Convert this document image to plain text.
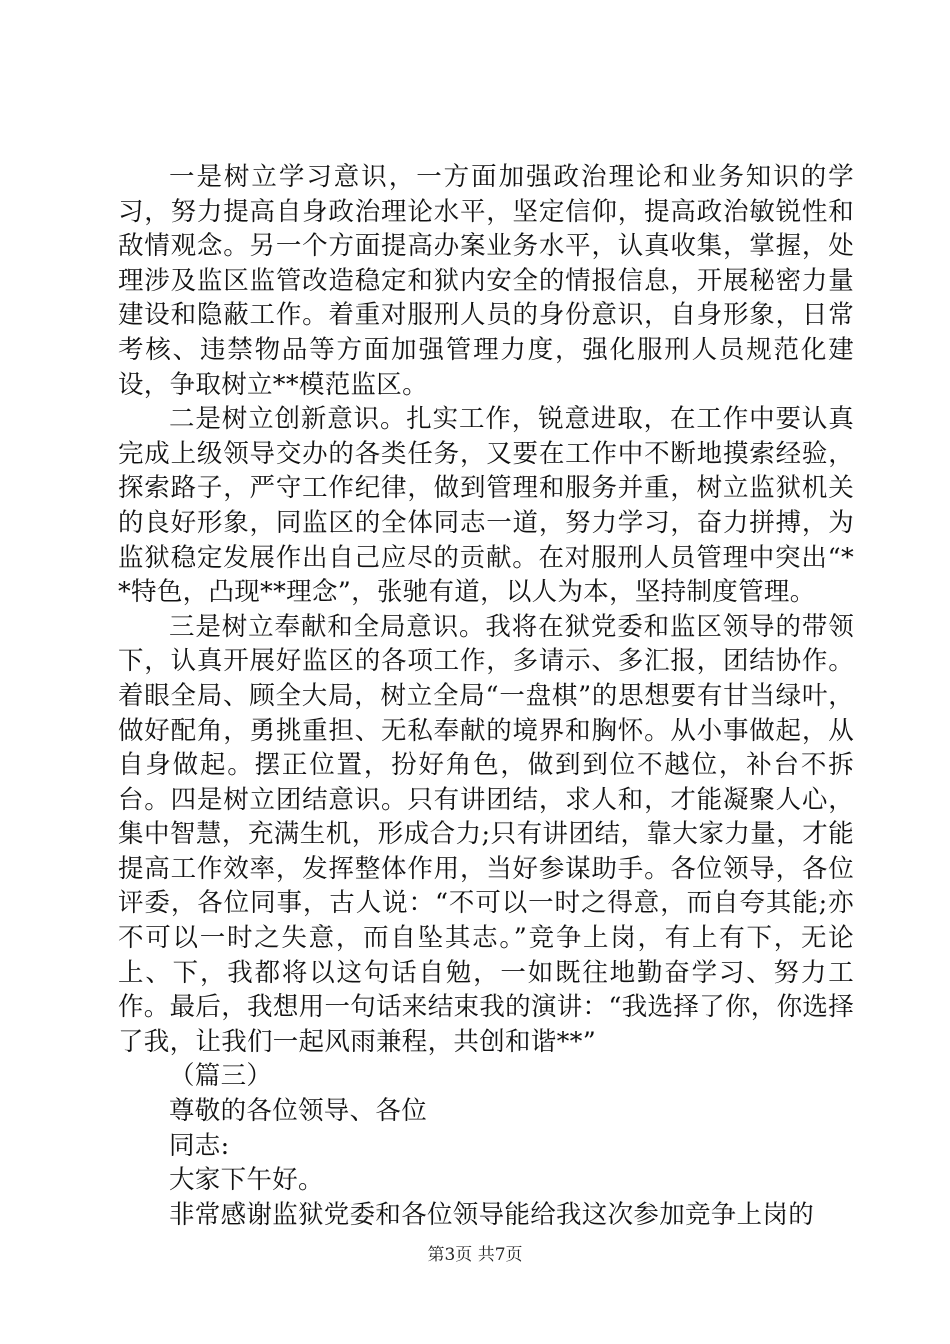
一是树立学习意识，一方面加强政治理论和业务知识的学习，努力提高自身政治理论水平，坚定信仰，提高政治敏锐性和敌情观念。另一个方面提高办案业务水平，认真收集，掌握，处理涉及监区监管改造稳定和狱内安全的情报信息，开展秘密力量建设和隐蔽工作。着重对服刑人员的身份意识，自身形象，日常考核、违禁物品等方面加强管理力度，强化服刑人员规范化建设，争取树立**模范监区。

二是树立创新意识。扎实工作，锐意进取，在工作中要认真完成上级领导交办的各类任务，又要在工作中不断地摸索经验，探索路子，严守工作纪律，做到管理和服务并重，树立监狱机关的良好形象，同监区的全体同志一道，努力学习，奋力拼搏，为监狱稳定发展作出自己应尽的贡献。在对服刑人员管理中突出“**特色，凸现**理念”，张驰有道，以人为本，坚持制度管理。

三是树立奉献和全局意识。我将在狱党委和监区领导的带领下，认真开展好监区的各项工作，多请示、多汇报，团结协作。着眼全局、顾全大局，树立全局“一盘棋”的思想要有甘当绿叶，做好配角，勇挑重担、无私奉献的境界和胸怀。从小事做起，从自身做起。摆正位置，扮好角色，做到到位不越位，补台不拆台。四是树立团结意识。只有讲团结，求人和，才能凝聚人心，集中智慧，充满生机，形成合力;只有讲团结，靠大家力量，才能提高工作效率，发挥整体作用，当好参谋助手。各位领导，各位评委，各位同事，古人说：“不可以一时之得意，而自夸其能;亦不可以一时之失意，而自坠其志。”竞争上岗，有上有下，无论上、下，我都将以这句话自勉，一如既往地勤奋学习、努力工作。最后，我想用一句话来结束我的演讲：“我选择了你，你选择了我，让我们一起风雨兼程，共创和谐**”

（篇三）

尊敬的各位领导、各位

同志:

大家下午好。

非常感谢监狱党委和各位领导能给我这次参加竞争上岗的

第3页 共7页
